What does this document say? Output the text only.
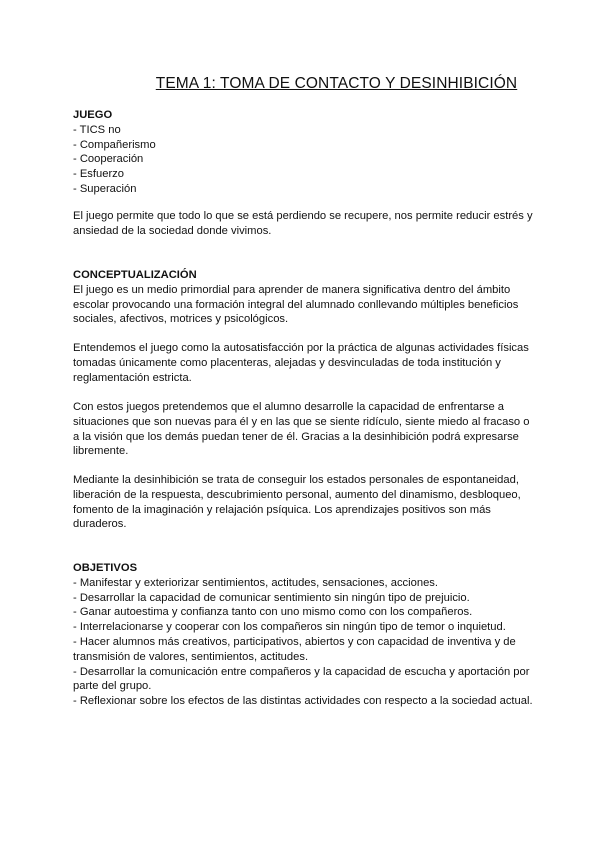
TEMA 1: TOMA DE CONTACTO Y DESINHIBICIÓN
JUEGO
- TICS no
- Compañerismo
- Cooperación
- Esfuerzo
- Superación

El juego permite que todo lo que se está perdiendo se recupere, nos permite reducir estrés y ansiedad de la sociedad donde vivimos.

CONCEPTUALIZACIÓN

El juego es un medio primordial para aprender de manera significativa dentro del ámbito escolar provocando una formación integral del alumnado conllevando múltiples beneficios sociales, afectivos, motrices y psicológicos.

Entendemos el juego como la autosatisfacción por la práctica de algunas actividades físicas tomadas únicamente como placenteras, alejadas y desvinculadas de toda institución y reglamentación estricta.

Con estos juegos pretendemos que el alumno desarrolle la capacidad de enfrentarse a situaciones que son nuevas para él y en las que se siente ridículo, siente miedo al fracaso o a la visión que los demás puedan tener de él. Gracias a la desinhibición podrá expresarse libremente.

Mediante la desinhibición se trata de conseguir los estados personales de espontaneidad, liberación de la respuesta, descubrimiento personal, aumento del dinamismo, desbloqueo, fomento de la imaginación y relajación psíquica. Los aprendizajes positivos son más duraderos.

OBJETIVOS
- Manifestar y exteriorizar sentimientos, actitudes, sensaciones, acciones.
- Desarrollar la capacidad de comunicar sentimiento sin ningún tipo de prejuicio.
- Ganar autoestima y confianza tanto con uno mismo como con los compañeros.
- Interrelacionarse y cooperar con los compañeros sin ningún tipo de temor o inquietud.
- Hacer alumnos más creativos, participativos, abiertos y con capacidad de inventiva y de transmisión de valores, sentimientos, actitudes.
- Desarrollar la comunicación entre compañeros y la capacidad de escucha y aportación por parte del grupo.
- Reflexionar sobre los efectos de las distintas actividades con respecto a la sociedad actual.
